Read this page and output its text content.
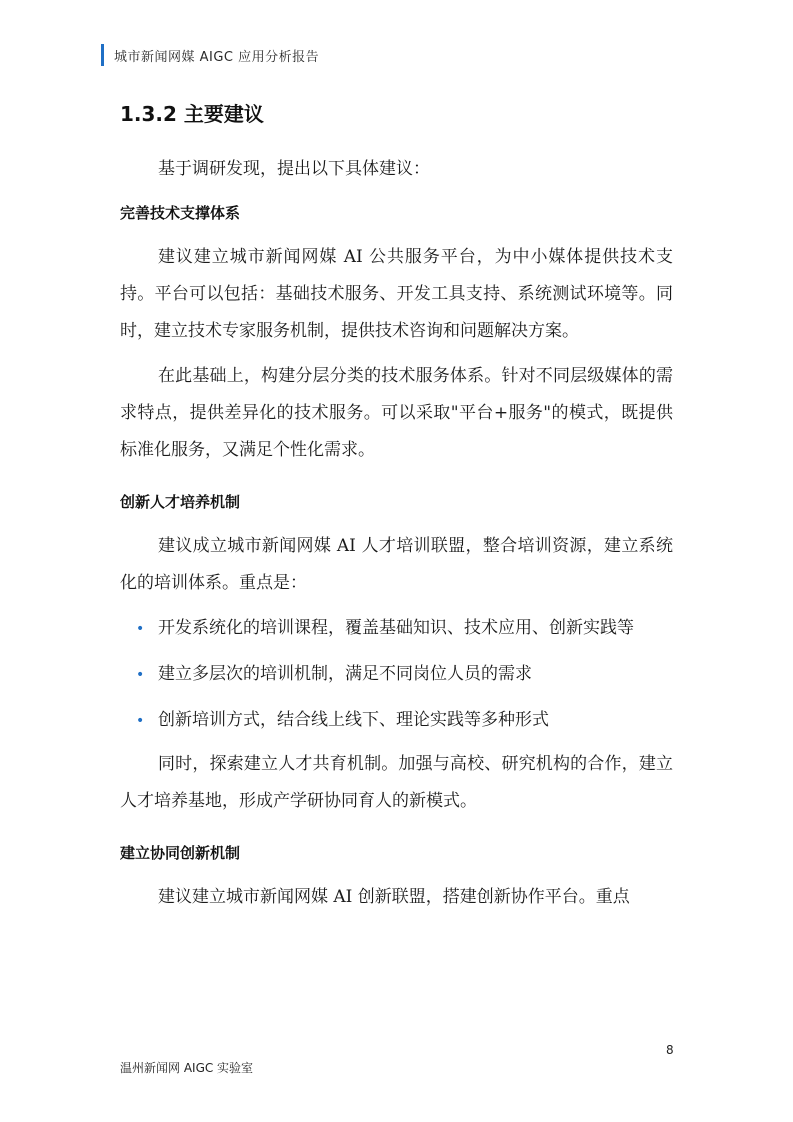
城市新闻网媒 AIGC 应用分析报告
1.3.2 主要建议
基于调研发现，提出以下具体建议：
完善技术支撑体系
建议建立城市新闻网媒 AI 公共服务平台，为中小媒体提供技术支持。平台可以包括：基础技术服务、开发工具支持、系统测试环境等。同时，建立技术专家服务机制，提供技术咨询和问题解决方案。
在此基础上，构建分层分类的技术服务体系。针对不同层级媒体的需求特点，提供差异化的技术服务。可以采取"平台+服务"的模式，既提供标准化服务，又满足个性化需求。
创新人才培养机制
建议成立城市新闻网媒 AI 人才培训联盟，整合培训资源，建立系统化的培训体系。重点是：
• 开发系统化的培训课程，覆盖基础知识、技术应用、创新实践等
• 建立多层次的培训机制，满足不同岗位人员的需求
• 创新培训方式，结合线上线下、理论实践等多种形式
同时，探索建立人才共育机制。加强与高校、研究机构的合作，建立人才培养基地，形成产学研协同育人的新模式。
建立协同创新机制
建议建立城市新闻网媒 AI 创新联盟，搭建创新协作平台。重点
8
温州新闻网 AIGC 实验室
